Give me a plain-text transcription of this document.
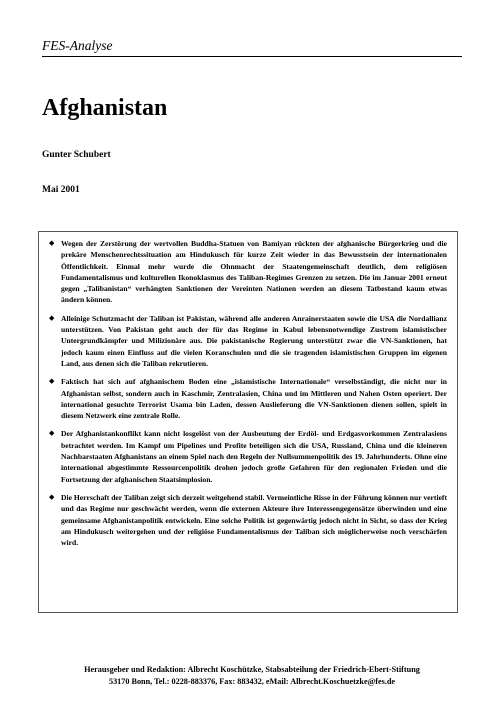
FES-Analyse
Afghanistan
Gunter Schubert
Mai 2001
◆ Wegen der Zerstörung der wertvollen Buddha-Statuen von Bamiyan rückten der afghanische Bürgerkrieg und die prekäre Menschenrechtssituation am Hindukusch für kurze Zeit wieder in das Bewusstsein der internationalen Öffentlichkeit. Einmal mehr wurde die Ohnmacht der Staatengemeinschaft deutlich, dem religiösen Fundamentalismus und kulturellen Ikonoklasmus des Taliban-Regimes Grenzen zu setzen. Die im Januar 2001 erneut gegen „Talibanistan“ verhängten Sanktionen der Vereinten Nationen werden an diesem Tatbestand kaum etwas ändern können.
◆ Alleinige Schutzmacht der Taliban ist Pakistan, während alle anderen Anrainerstaaten sowie die USA die Nordallianz unterstützen. Von Pakistan geht auch der für das Regime in Kabul lebensnotwendige Zustrom islamistischer Untergrundkämpfer und Milizionäre aus. Die pakistanische Regierung unterstützt zwar die VN-Sanktionen, hat jedoch kaum einen Einfluss auf die vielen Koranschulen und die sie tragenden islamistischen Gruppen im eigenen Land, aus denen sich die Taliban rekrutieren.
◆ Faktisch hat sich auf afghanischem Boden eine „islamistische Internationale“ verselbständigt, die nicht nur in Afghanistan selbst, sondern auch in Kaschmir, Zentralasien, China und im Mittleren und Nahen Osten operiert. Der international gesuchte Terrorist Usama bin Laden, dessen Auslieferung die VN-Sanktionen dienen sollen, spielt in diesem Netzwerk eine zentrale Rolle.
◆ Der Afghanistankonflikt kann nicht losgelöst von der Ausbeutung der Erdöl- und Erdgasvorkommen Zentralasiens betrachtet werden. Im Kampf um Pipelines und Profite beteiligen sich die USA, Russland, China und die kleineren Nachbarstaaten Afghanistans an einem Spiel nach den Regeln der Nullsummenpolitik des 19. Jahrhunderts. Ohne eine international abgestimmte Ressourcenpolitik drohen jedoch große Gefahren für den regionalen Frieden und die Fortsetzung der afghanischen Staatsimplosion.
◆ Die Herrschaft der Taliban zeigt sich derzeit weitgehend stabil. Vermeintliche Risse in der Führung können nur vertieft und das Regime nur geschwächt werden, wenn die externen Akteure ihre Interessengegensätze überwinden und eine gemeinsame Afghanistanpolitik entwickeln. Eine solche Politik ist gegenwärtig jedoch nicht in Sicht, so dass der Krieg am Hindukusch weitergehen und der religiöse Fundamentalismus der Taliban sich möglicherweise noch verschärfen wird.
Herausgeber und Redaktion: Albrecht Koschützke, Stabsabteilung der Friedrich-Ebert-Stiftung
53170 Bonn, Tel.: 0228-883376, Fax: 883432, eMail: Albrecht.Koschuetzke@fes.de
